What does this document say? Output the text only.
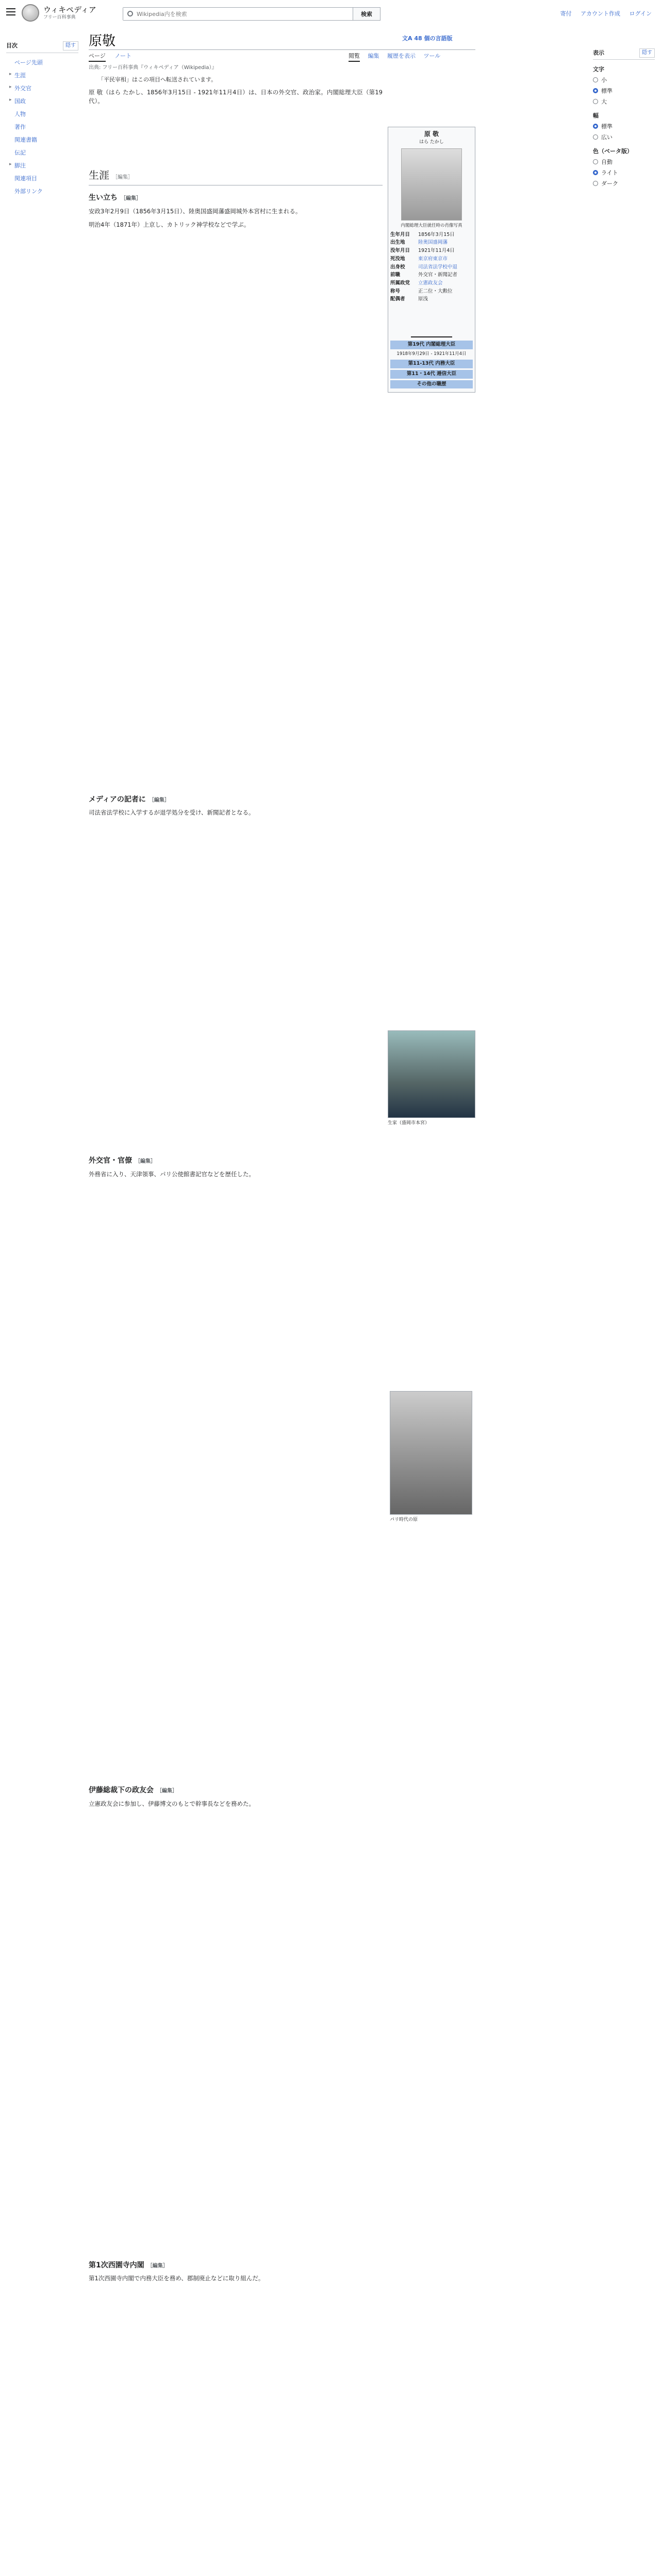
ウィキペディア
フリー百科事典
Wikipedia内を検索	検索	寄付 アカウント作成 ログイン
目次	隠す
ページ先頭
▸ 生涯
▸ 外交官
▸ 国政
人物
著作
関連書籍
伝記
▸ 脚注
関連項目
外部リンク
原敬	文A 48 個の言語版
ページ ノート	閲覧 編集 履歴を表示 ツール	表示	隠す
文字
小
標準
大
幅
標準
広い
色（ベータ版）
自動
ライト
ダーク
出典: フリー百科事典『ウィキペディア（Wikipedia）』
「平民宰相」はこの項目へ転送されています。
原 敬（はら たかし、1856年3月15日 - 1921年11月4日）は、日本の外交官、政治家。内閣総理大臣（第19代）。
生涯 ［編集］
生い立ち ［編集］
安政3年2月9日（1856年3月15日）、陸奥国盛岡藩盛岡城外本宮村に生まれる。
明治4年（1871年）上京し、カトリック神学校などで学ぶ。
メディアの記者に ［編集］
司法省法学校に入学するが退学処分を受け、新聞記者となる。
外交官・官僚 ［編集］
外務省に入り、天津領事、パリ公使館書記官などを歴任した。
伊藤総裁下の政友会 ［編集］
立憲政友会に参加し、伊藤博文のもとで幹事長などを務めた。
第1次西園寺内閣 ［編集］
第1次西園寺内閣で内務大臣を務め、郡制廃止などに取り組んだ。
原 敬
はら たかし
内閣総理大臣就任時の肖像写真
生年月日	1856年3月15日
出生地	陸奥国盛岡藩
没年月日	1921年11月4日
死没地	東京府東京市
出身校	司法省法学校中退
前職	外交官・新聞記者
所属政党	立憲政友会
称号	正二位・大勲位
配偶者	原浅
第19代 内閣総理大臣
1918年9月29日 - 1921年11月4日
第11-13代 内務大臣
第11・14代 逓信大臣
その他の職歴
生家（盛岡市本宮）
パリ時代の原
